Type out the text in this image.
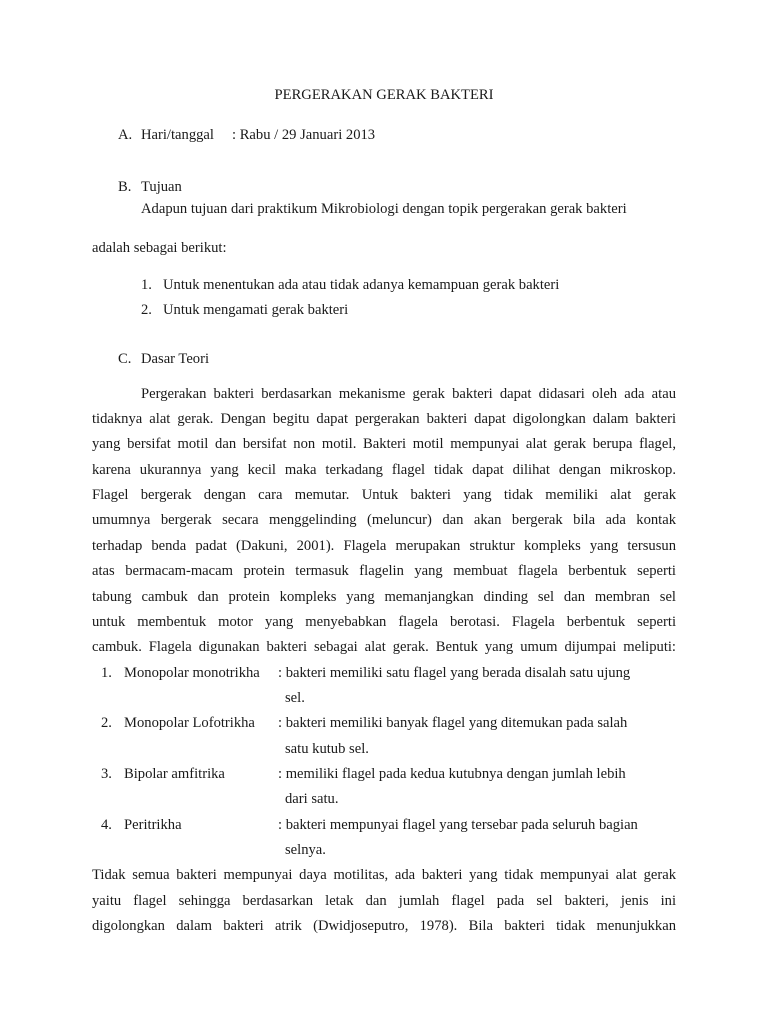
PERGERAKAN GERAK BAKTERI
A. Hari/tanggal : Rabu / 29 Januari 2013
B. Tujuan
Adapun tujuan dari praktikum Mikrobiologi dengan topik pergerakan gerak bakteri
adalah sebagai berikut:
1. Untuk menentukan ada atau tidak adanya kemampuan gerak bakteri
2. Untuk mengamati gerak bakteri
C. Dasar Teori
Pergerakan bakteri berdasarkan mekanisme gerak bakteri dapat didasari oleh ada atau
tidaknya alat gerak. Dengan begitu dapat pergerakan bakteri dapat digolongkan dalam bakteri
yang bersifat motil dan bersifat non motil. Bakteri motil mempunyai alat gerak berupa flagel,
karena ukurannya yang kecil maka terkadang flagel tidak dapat dilihat dengan mikroskop.
Flagel bergerak dengan cara memutar. Untuk bakteri yang tidak memiliki alat gerak
umumnya bergerak secara menggelinding (meluncur) dan akan bergerak bila ada kontak
terhadap benda padat (Dakuni, 2001). Flagela merupakan struktur kompleks yang tersusun
atas bermacam-macam protein termasuk flagelin yang membuat flagela berbentuk seperti
tabung cambuk dan protein kompleks yang memanjangkan dinding sel dan membran sel
untuk membentuk motor yang menyebabkan flagela berotasi. Flagela berbentuk seperti
cambuk. Flagela digunakan bakteri sebagai alat gerak. Bentuk yang umum dijumpai meliputi:
1. Monopolar monotrikha : bakteri memiliki satu flagel yang berada disalah satu ujung
sel.
2. Monopolar Lofotrikha : bakteri memiliki banyak flagel yang ditemukan pada salah
satu kutub sel.
3. Bipolar amfitrika	: memiliki flagel pada kedua kutubnya dengan jumlah lebih
dari satu.
4. Peritrikha	: bakteri mempunyai flagel yang tersebar pada seluruh bagian
selnya.
Tidak semua bakteri mempunyai daya motilitas, ada bakteri yang tidak mempunyai alat gerak
yaitu flagel sehingga berdasarkan letak dan jumlah flagel pada sel bakteri, jenis ini
digolongkan dalam bakteri atrik (Dwidjoseputro, 1978). Bila bakteri tidak menunjukkan
